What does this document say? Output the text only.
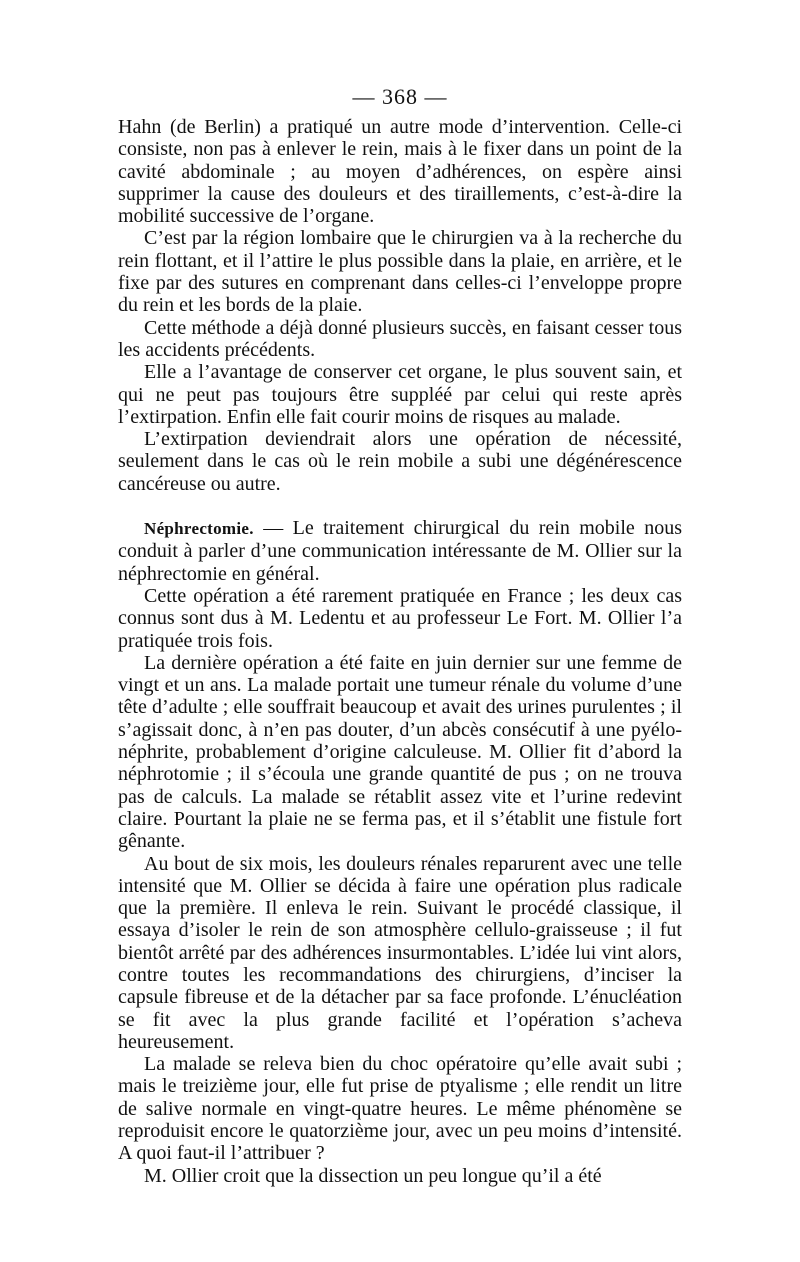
— 368 —

Hahn (de Berlin) a pratiqué un autre mode d’intervention. Celle-ci consiste, non pas à enlever le rein, mais à le fixer dans un point de la cavité abdominale ; au moyen d’adhérences, on espère ainsi supprimer la cause des douleurs et des tiraillements, c’est-à-dire la mobilité successive de l’organe.

C’est par la région lombaire que le chirurgien va à la recherche du rein flottant, et il l’attire le plus possible dans la plaie, en arrière, et le fixe par des sutures en comprenant dans celles-ci l’enveloppe propre du rein et les bords de la plaie.

Cette méthode a déjà donné plusieurs succès, en faisant cesser tous les accidents précédents.

Elle a l’avantage de conserver cet organe, le plus souvent sain, et qui ne peut pas toujours être suppléé par celui qui reste après l’extirpation. Enfin elle fait courir moins de risques au malade.

L’extirpation deviendrait alors une opération de nécessité, seulement dans le cas où le rein mobile a subi une dégénérescence cancéreuse ou autre.

Néphrectomie. — Le traitement chirurgical du rein mobile nous conduit à parler d’une communication intéressante de M. Ollier sur la néphrectomie en général.

Cette opération a été rarement pratiquée en France ; les deux cas connus sont dus à M. Ledentu et au professeur Le Fort. M. Ollier l’a pratiquée trois fois.

La dernière opération a été faite en juin dernier sur une femme de vingt et un ans. La malade portait une tumeur rénale du volume d’une tête d’adulte ; elle souffrait beaucoup et avait des urines purulentes ; il s’agissait donc, à n’en pas douter, d’un abcès consécutif à une pyélo-néphrite, probablement d’origine calculeuse. M. Ollier fit d’abord la néphrotomie ; il s’écoula une grande quantité de pus ; on ne trouva pas de calculs. La malade se rétablit assez vite et l’urine redevint claire. Pourtant la plaie ne se ferma pas, et il s’établit une fistule fort gênante.

Au bout de six mois, les douleurs rénales reparurent avec une telle intensité que M. Ollier se décida à faire une opération plus radicale que la première. Il enleva le rein. Suivant le procédé classique, il essaya d’isoler le rein de son atmosphère cellulo-graisseuse ; il fut bientôt arrêté par des adhérences insurmontables. L’idée lui vint alors, contre toutes les recommandations des chirurgiens, d’inciser la capsule fibreuse et de la détacher par sa face profonde. L’énucléation se fit avec la plus grande facilité et l’opération s’acheva heureusement.

La malade se releva bien du choc opératoire qu’elle avait subi ; mais le treizième jour, elle fut prise de ptyalisme ; elle rendit un litre de salive normale en vingt-quatre heures. Le même phénomène se reproduisit encore le quatorzième jour, avec un peu moins d’intensité. A quoi faut-il l’attribuer ?

M. Ollier croit que la dissection un peu longue qu’il a été
